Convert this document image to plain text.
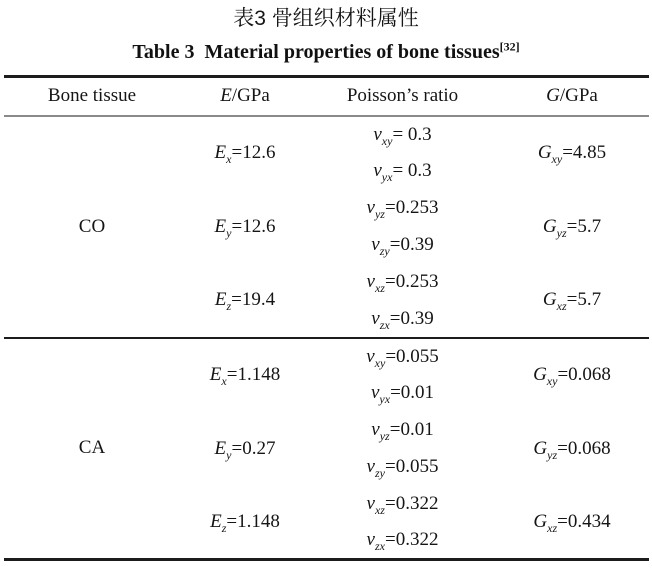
表3 骨组织材料属性
Table 3  Material properties of bone tissues[32]
Bone tissue	E/GPa	Poisson’s ratio	G/GPa
CO	$E_x=12.6$	$v_{xy}= 0.3$	$G_{xy}=4.85$
		$v_{yx}= 0.3$	
	$E_y=12.6$	$v_{yz}=0.253$	$G_{yz}=5.7$
		$v_{zy}=0.39$	
	$E_z=19.4$	$v_{xz}=0.253$	$G_{xz}=5.7$
		$v_{zx}=0.39$	
CA	$E_x=1.148$	$v_{xy}=0.055$	$G_{xy}=0.068$
		$v_{yx}=0.01$	
	$E_y=0.27$	$v_{yz}=0.01$	$G_{yz}=0.068$
		$v_{zy}=0.055$	
	$E_z=1.148$	$v_{xz}=0.322$	$G_{xz}=0.434$
		$v_{zx}=0.322$	
